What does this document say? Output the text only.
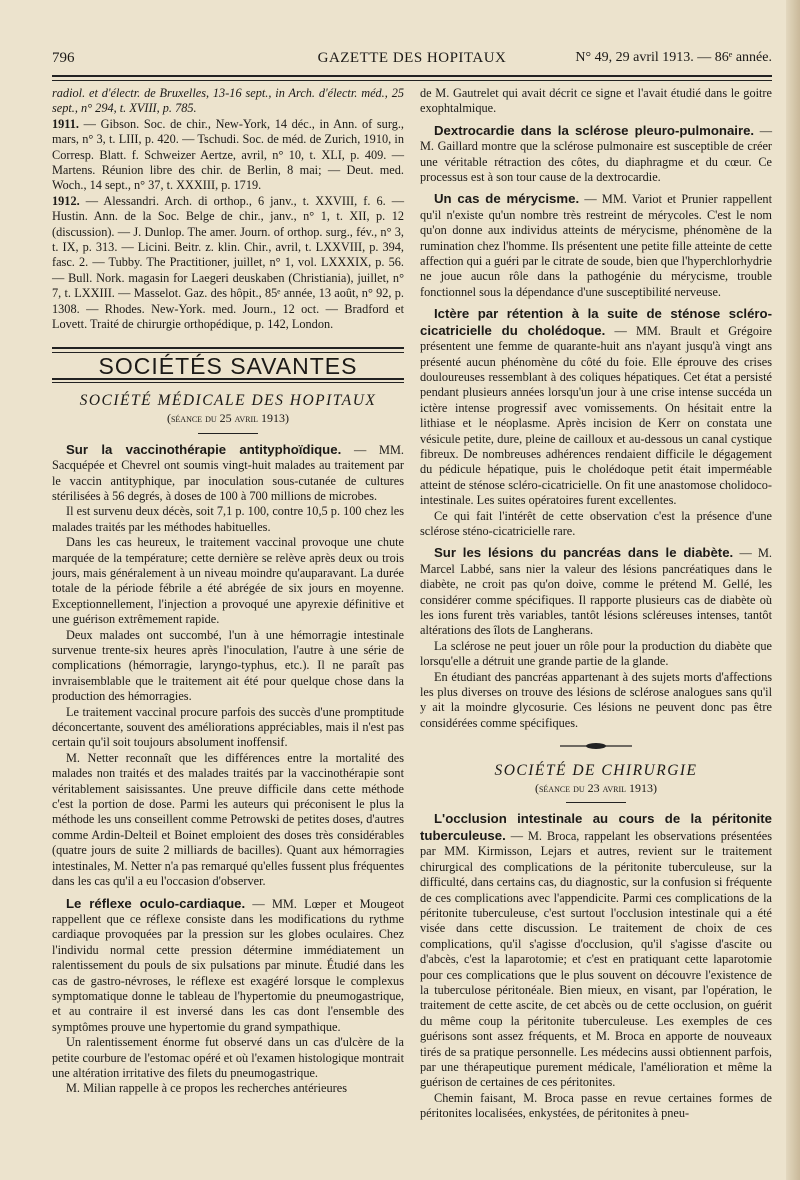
796	GAZETTE DES HOPITAUX	N° 49, 29 avril 1913. — 86ᵉ année.

radiol. et d'électr. de Bruxelles, 13-16 sept., in Arch. d'électr. méd., 25 sept., n° 294, t. XVIII, p. 785.

1911. — Gibson. Soc. de chir., New-York, 14 déc., in Ann. of surg., mars, n° 3, t. LIII, p. 420. — Tschudi. Soc. de méd. de Zurich, 1910, in Corresp. Blatt. f. Schweizer Aertze, avril, n° 10, t. XLI, p. 409. — Martens. Réunion libre des chir. de Berlin, 8 mai; — Deut. med. Woch., 14 sept., n° 37, t. XXXIII, p. 1719.

1912. — Alessandri. Arch. di orthop., 6 janv., t. XXVIII, f. 6. — Hustin. Ann. de la Soc. Belge de chir., janv., n° 1, t. XII, p. 12 (discussion). — J. Dunlop. The amer. Journ. of orthop. surg., fév., n° 3, t. IX, p. 313. — Licini. Beitr. z. klin. Chir., avril, t. LXXVIII, p. 394, fasc. 2. — Tubby. The Practitioner, juillet, n° 1, vol. LXXXIX, p. 56. — Bull. Nork. magasin for Laegeri deuskaben (Christiania), juillet, n° 7, t. LXXIII. — Masselot. Gaz. des hôpit., 85ᵉ année, 13 août, n° 92, p. 1308. — Rhodes. New-York. med. Journ., 12 oct. — Bradford et Lovett. Traité de chirurgie orthopédique, p. 142, London.

SOCIÉTÉS SAVANTES
SOCIÉTÉ MÉDICALE DES HOPITAUX
(séance du 25 avril 1913)

Sur la vaccinothérapie antityphoïdique. — MM. Sacquépée et Chevrel ont soumis vingt-huit malades au traitement par le vaccin antityphique, par inoculation sous-cutanée de cultures stérilisées à 56 degrés, à doses de 100 à 700 millions de microbes.

Il est survenu deux décès, soit 7,1 p. 100, contre 10,5 p. 100 chez les malades traités par les méthodes habituelles.

Dans les cas heureux, le traitement vaccinal provoque une chute marquée de la température; cette dernière se relève après deux ou trois jours, mais généralement à un niveau moindre qu'auparavant. La durée totale de la période fébrile a été abrégée de six jours en moyenne. Exceptionnellement, l'injection a provoqué une apyrexie définitive et une guérison extrêmement rapide.

Deux malades ont succombé, l'un à une hémorragie intestinale survenue trente-six heures après l'inoculation, l'autre à une série de complications (hémorragie, laryngo-typhus, etc.). Il ne paraît pas invraisemblable que le traitement ait été pour quelque chose dans la production des hémorragies.

Le traitement vaccinal procure parfois des succès d'une promptitude déconcertante, souvent des améliorations appréciables, mais il n'est pas certain qu'il soit toujours absolument inoffensif.

M. Netter reconnaît que les différences entre la mortalité des malades non traités et des malades traités par la vaccinothérapie sont véritablement saisissantes. Une preuve difficile dans cette méthode c'est la portion de dose. Parmi les auteurs qui préconisent le plus la méthode les uns conseillent comme Petrowski de petites doses, d'autres comme Ardin-Delteil et Boinet emploient des doses très considérables (quatre jours de suite 2 milliards de bacilles). Quant aux hémorragies intestinales, M. Netter n'a pas remarqué qu'elles fussent plus fréquentes dans les cas qu'il a eu l'occasion d'observer.

Le réflexe oculo-cardiaque. — MM. Lœper et Mougeot rappellent que ce réflexe consiste dans les modifications du rythme cardiaque provoquées par la pression sur les globes oculaires. Chez l'individu normal cette pression détermine immédiatement un ralentissement du pouls de six pulsations par minute. Étudié dans les cas de gastro-névroses, le réflexe est exagéré lorsque le complexus symptomatique donne le tableau de l'hypertomie du pneumogastrique, et au contraire il est inversé dans les cas dont l'ensemble des symptômes prouve une hypertomie du grand sympathique.

Un ralentissement énorme fut observé dans un cas d'ulcère de la petite courbure de l'estomac opéré et où l'examen histologique montrait une altération irritative des filets du pneumogastrique.

M. Milian rappelle à ce propos les recherches antérieures

de M. Gautrelet qui avait décrit ce signe et l'avait étudié dans le goitre exophtalmique.

Dextrocardie dans la sclérose pleuro-pulmonaire. — M. Gaillard montre que la sclérose pulmonaire est susceptible de créer une véritable rétraction des côtes, du diaphragme et du cœur. Ce processus est à son tour cause de la dextrocardie.

Un cas de mérycisme. — MM. Variot et Prunier rappellent qu'il n'existe qu'un nombre très restreint de mérycoles. C'est le nom qu'on donne aux individus atteints de mérycisme, phénomène de la rumination chez l'homme. Ils présentent une petite fille atteinte de cette affection qui a guéri par le citrate de soude, bien que l'hyperchlorhydrie ne joue aucun rôle dans la pathogénie du mérycisme, trouble fonctionnel sous la dépendance d'une susceptibilité nerveuse.

Ictère par rétention à la suite de sténose scléro-cicatricielle du cholédoque. — MM. Brault et Grégoire présentent une femme de quarante-huit ans n'ayant jusqu'à vingt ans présenté aucun phénomène du côté du foie. Elle éprouve des crises douloureuses ressemblant à des coliques hépatiques. Cet état a persisté pendant plusieurs années lorsqu'un jour à une crise intense succéda un ictère intense progressif avec vomissements. On hésitait entre la lithiase et le néoplasme. Après incision de Kerr on constata une vésicule petite, dure, pleine de cailloux et au-dessous un canal cystique fibreux. De nombreuses adhérences rendaient difficile le dégagement du pédicule hépatique, puis le cholédoque petit était imperméable atteint de sténose scléro-cicatricielle. On fit une anastomose cholidoco-intestinale. Les suites opératoires furent excellentes.

Ce qui fait l'intérêt de cette observation c'est la présence d'une sclérose sténo-cicatricielle rare.

Sur les lésions du pancréas dans le diabète. — M. Marcel Labbé, sans nier la valeur des lésions pancréatiques dans le diabète, ne croit pas qu'on doive, comme le prétend M. Gellé, les considérer comme spécifiques. Il rapporte plusieurs cas de diabète où les ions furent très variables, tantôt lésions scléreuses intenses, tantôt altérations des îlots de Langherans.

La sclérose ne peut jouer un rôle pour la production du diabète que lorsqu'elle a détruit une grande partie de la glande.

En étudiant des pancréas appartenant à des sujets morts d'affections les plus diverses on trouve des lésions de sclérose analogues sans qu'il y ait la moindre glycosurie. Ces lésions ne peuvent donc pas être considérées comme spécifiques.

SOCIÉTÉ DE CHIRURGIE
(séance du 23 avril 1913)

L'occlusion intestinale au cours de la péritonite tuberculeuse. — M. Broca, rappelant les observations présentées par MM. Kirmisson, Lejars et autres, revient sur le traitement chirurgical des complications de la péritonite tuberculeuse, sur la difficulté, dans certains cas, du diagnostic, sur la confusion si fréquente de ces complications avec l'appendicite. Parmi ces complications de la péritonite tuberculeuse, c'est surtout l'occlusion intestinale qui a été visée dans cette discussion. Le traitement de choix de ces complications, qu'il s'agisse d'occlusion, qu'il s'agisse d'ascite ou d'abcès, c'est la laparotomie; et c'est en pratiquant cette laparotomie pour ces complications que le plus souvent on découvre l'existence de la tuberculose péritonéale. Bien mieux, en visant, par l'opération, le traitement de cette ascite, de cet abcès ou de cette occlusion, on guérit du même coup la péritonite tuberculeuse. Les exemples de ces guérisons sont assez fréquents, et M. Broca en apporte de nouveaux tirés de sa pratique personnelle. Les médecins aussi obtiennent parfois, par une thérapeutique purement médicale, l'amélioration et même la guérison de certaines de ces péritonites.

Chemin faisant, M. Broca passe en revue certaines formes de péritonites localisées, enkystées, de péritonites à pneu-
